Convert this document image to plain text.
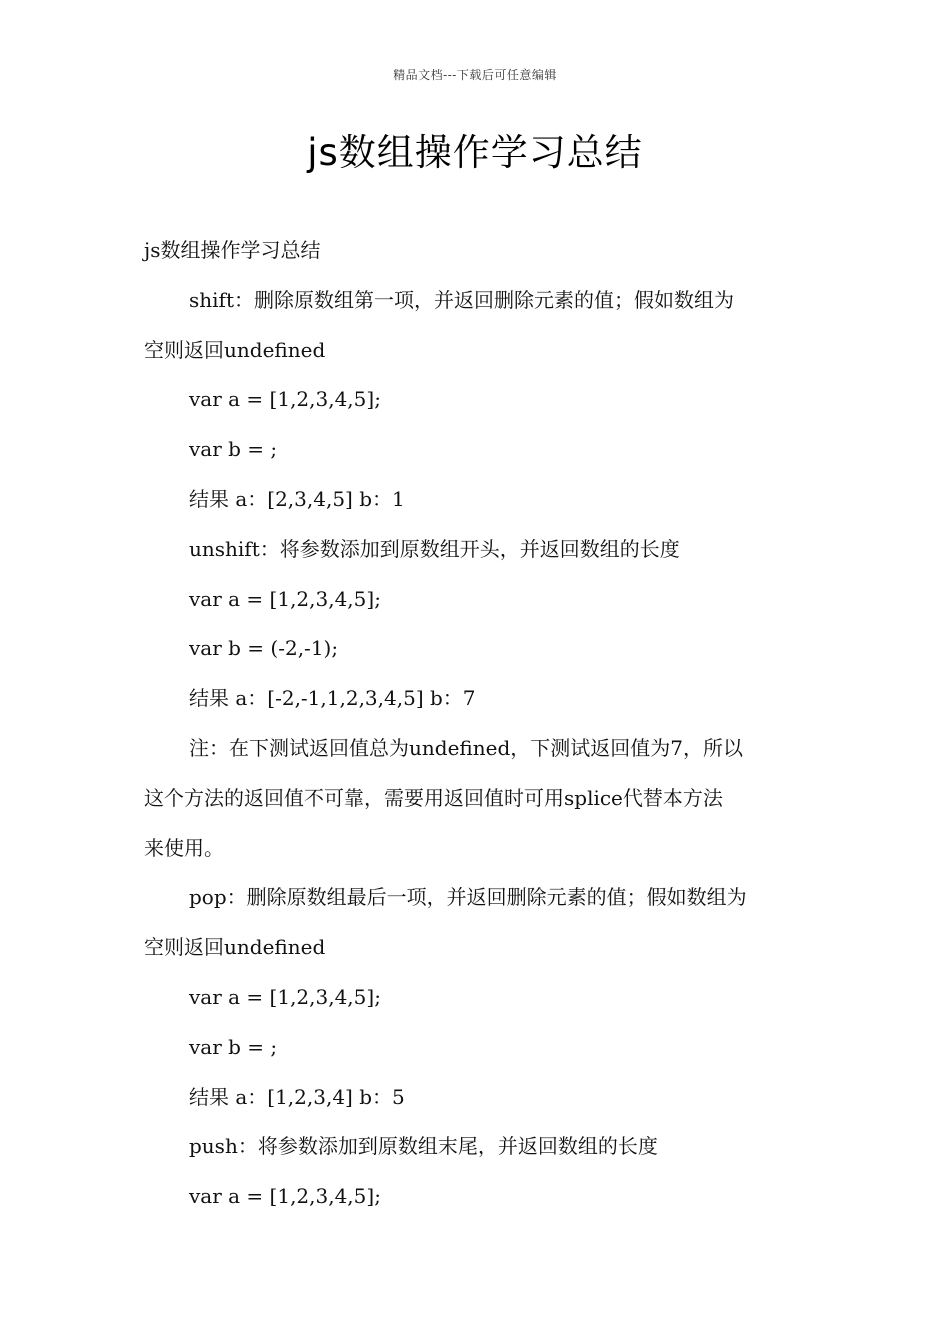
精品文档---下载后可任意编辑
js数组操作学习总结
js数组操作学习总结
shift：删除原数组第一项，并返回删除元素的值；假如数组为
空则返回undefined
var a = [1,2,3,4,5];
var b = ;
结果 a：[2,3,4,5] b：1
unshift：将参数添加到原数组开头，并返回数组的长度
var a = [1,2,3,4,5];
var b = (-2,-1);
结果 a：[-2,-1,1,2,3,4,5] b：7
注：在下测试返回值总为undefined，下测试返回值为7，所以
这个方法的返回值不可靠，需要用返回值时可用splice代替本方法
来使用。
pop：删除原数组最后一项，并返回删除元素的值；假如数组为
空则返回undefined
var a = [1,2,3,4,5];
var b = ;
结果 a：[1,2,3,4] b：5
push：将参数添加到原数组末尾，并返回数组的长度
var a = [1,2,3,4,5];
